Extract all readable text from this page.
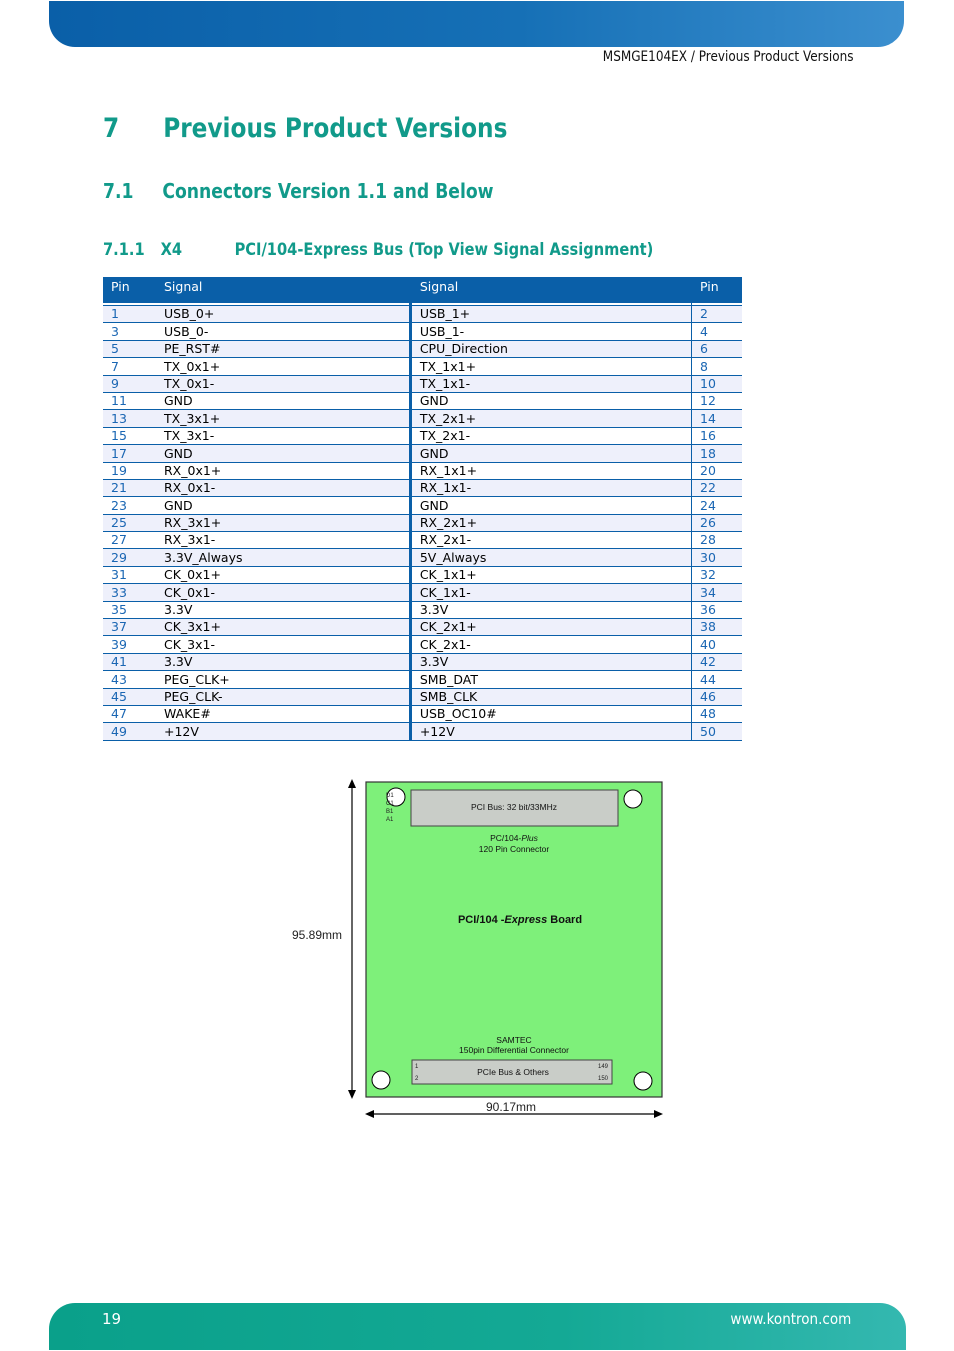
MSMGE104EX / Previous Product Versions
7 Previous Product Versions
7.1 Connectors Version 1.1 and Below
7.1.1 X4	PCI/104-Express Bus (Top View Signal Assignment)
Pin	Signal	Signal	Pin

1	USB_0+	USB_1+	2
3	USB_0-	USB_1-	4
5	PE_RST#	CPU_Direction	6
7	TX_0x1+	TX_1x1+	8
9	TX_0x1-	TX_1x1-	10
11	GND	GND	12
13	TX_3x1+	TX_2x1+	14
15	TX_3x1-	TX_2x1-	16
17	GND	GND	18
19	RX_0x1+	RX_1x1+	20
21	RX_0x1-	RX_1x1-	22
23	GND	GND	24
25	RX_3x1+	RX_2x1+	26
27	RX_3x1-	RX_2x1-	28
29	3.3V_Always	5V_Always	30
31	CK_0x1+	CK_1x1+	32
33	CK_0x1-	CK_1x1-	34
35	3.3V	3.3V	36
37	CK_3x1+	CK_2x1+	38
39	CK_3x1-	CK_2x1-	40
41	3.3V	3.3V	42
43	PEG_CLK+	SMB_DAT	44
45	PEG_CLK-	SMB_CLK	46
47	WAKE#	USB_OC10#	48
49	+12V	+12V	50
95.89mm
90.17mm
D1
C1
B1
A1
PCI Bus: 32 bit/33MHz
PC/104-Plus
120 Pin Connector
PCI/104 -Express Board
SAMTEC
150pin Differential Connector
1
2
149
150
PCIe Bus & Others
19	www.kontron.com
